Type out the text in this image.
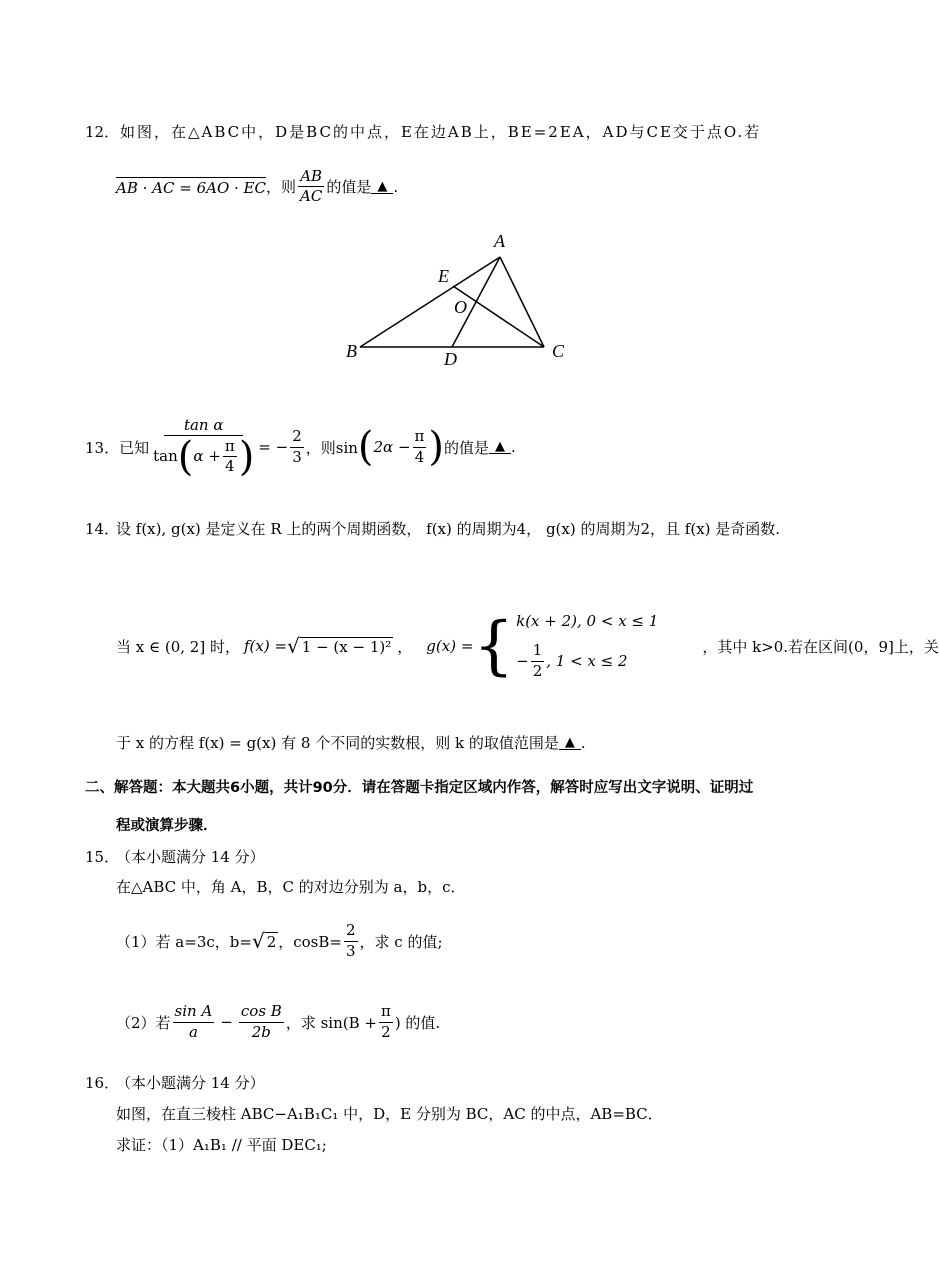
12． 如图，在△ABC中，D是BC的中点，E在边AB上，BE=2EA，AD与CE交于点O.若
AB · AC = 6AO · EC ，则 $\frac{AB}{AC}$ 的值是 ▲ .
A
E
O
B	D	C
13． 已知
tan α
tan ( $\alpha + \frac{\pi}{4}$ ) = − $\frac{2}{3}$ ，则sin ( $2\alpha - \frac{\pi}{4}$ ) 的值是 ▲ .
14．
设 f(x), g(x) 是定义在 R 上的两个周期函数， f(x) 的周期为4， g(x) 的周期为2，且 f(x) 是奇函数.
当 x ∈ (0, 2] 时， f(x) = √ 1 − (x − 1)² ， g(x) = { k(x + 2), 0 < x ≤ 1
− $\frac{1}{2}$ , 1 < x ≤ 2
，其中 k>0.若在区间(0，9]上，关
于 x 的方程 f(x) = g(x) 有 8 个不同的实数根，则 k 的取值范围是 ▲ .
二、解答题：本大题共6小题，共计90分．请在答题卡指定区域内作答，解答时应写出文字说明、证明过
程或演算步骤．
15．
（本小题满分 14 分）
在△ABC 中，角 A，B，C 的对边分别为 a，b，c．
（1）若 a=3c，b= √ 2 ，$\cos B= \frac{2}{3}$ ，求 c 的值;
（2）若 $\frac{\text{sin A}}{a} - \frac{\text{cos B}}{2b}$ ，求 $\sin(B + \frac{\pi}{2}$ ) 的值.
16．
（本小题满分 14 分）
如图，在直三棱柱 ABC−A₁B₁C₁ 中，D，E 分别为 BC，AC 的中点，AB=BC．
求证：（1）A₁B₁ // 平面 DEC₁;
